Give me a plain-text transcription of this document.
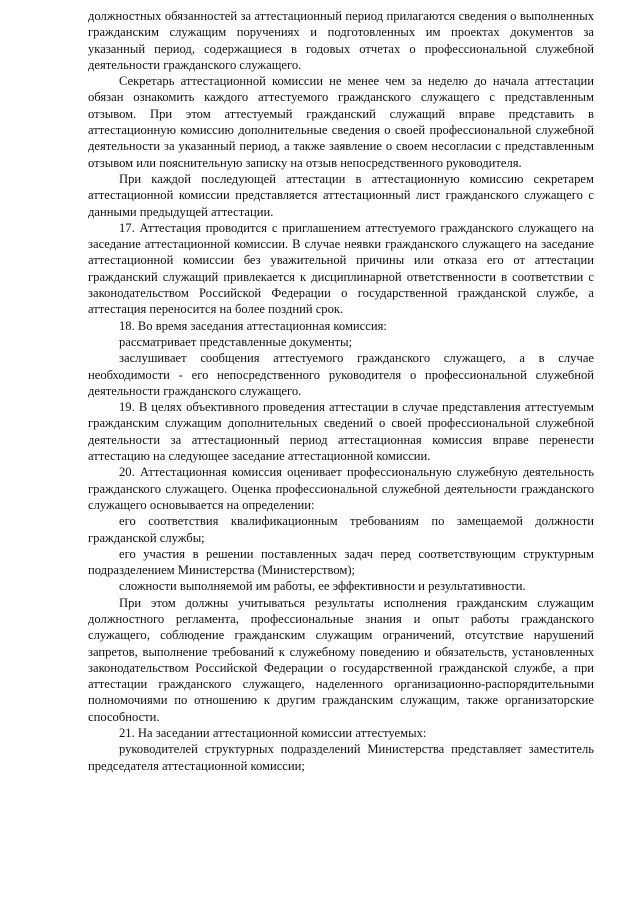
должностных обязанностей за аттестационный период прилагаются сведения о выполненных гражданским служащим поручениях и подготовленных им проектах документов за указанный период, содержащиеся в годовых отчетах о профессиональной служебной деятельности гражданского служащего.

Секретарь аттестационной комиссии не менее чем за неделю до начала аттестации обязан ознакомить каждого аттестуемого гражданского служащего с представленным отзывом. При этом аттестуемый гражданский служащий вправе представить в аттестационную комиссию дополнительные сведения о своей профессиональной служебной деятельности за указанный период, а также заявление о своем несогласии с представленным отзывом или пояснительную записку на отзыв непосредственного руководителя.

При каждой последующей аттестации в аттестационную комиссию секретарем аттестационной комиссии представляется аттестационный лист гражданского служащего с данными предыдущей аттестации.

17. Аттестация проводится с приглашением аттестуемого гражданского служащего на заседание аттестационной комиссии. В случае неявки гражданского служащего на заседание аттестационной комиссии без уважительной причины или отказа его от аттестации гражданский служащий привлекается к дисциплинарной ответственности в соответствии с законодательством Российской Федерации о государственной гражданской службе, а аттестация переносится на более поздний срок.

18. Во время заседания аттестационная комиссия:

рассматривает представленные документы;

заслушивает сообщения аттестуемого гражданского служащего, а в случае необходимости - его непосредственного руководителя о профессиональной служебной деятельности гражданского служащего.

19. В целях объективного проведения аттестации в случае представления аттестуемым гражданским служащим дополнительных сведений о своей профессиональной служебной деятельности за аттестационный период аттестационная комиссия вправе перенести аттестацию на следующее заседание аттестационной комиссии.

20. Аттестационная комиссия оценивает профессиональную служебную деятельность гражданского служащего. Оценка профессиональной служебной деятельности гражданского служащего основывается на определении:

его соответствия квалификационным требованиям по замещаемой должности гражданской службы;

его участия в решении поставленных задач перед соответствующим структурным подразделением Министерства (Министерством);

сложности выполняемой им работы, ее эффективности и результативности.

При этом должны учитываться результаты исполнения гражданским служащим должностного регламента, профессиональные знания и опыт работы гражданского служащего, соблюдение гражданским служащим ограничений, отсутствие нарушений запретов, выполнение требований к служебному поведению и обязательств, установленных законодательством Российской Федерации о государственной гражданской службе, а при аттестации гражданского служащего, наделенного организационно-распорядительными полномочиями по отношению к другим гражданским служащим, также организаторские способности.

21. На заседании аттестационной комиссии аттестуемых:

руководителей структурных подразделений Министерства представляет заместитель председателя аттестационной комиссии;
